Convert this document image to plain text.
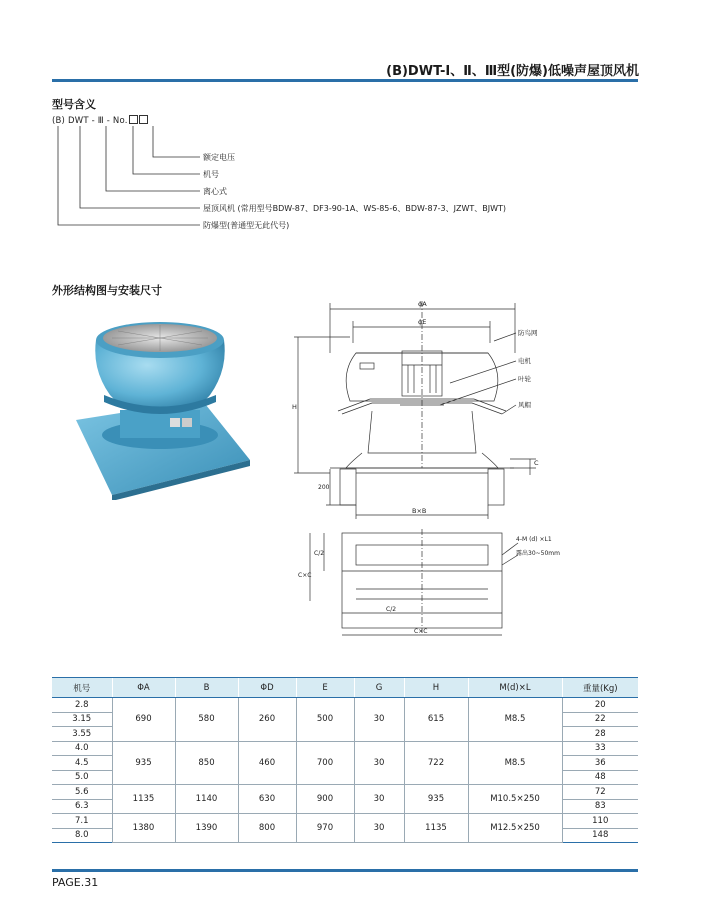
(B)DWT-Ⅰ、Ⅱ、Ⅲ型(防爆)低噪声屋顶风机
型号含义
(B) DWT - Ⅲ - No.
额定电压
机号
离心式
屋顶风机 (常用型号BDW-87、DF3-90-1A、WS-85-6、BDW-87-3、JZWT、BJWT)
防爆型(普通型无此代号)
外形结构图与安装尺寸
ϕA
ϕE
H
C
200
B×B
C/2
C×C
C/2
C×C
防鸟网
电机
叶轮
风帽
4-M (d) ×L1
露出30~50mm
机号	ΦA	B	ΦD	E	G	H	M(d)×L	重量(Kg)
2.8	690	580	260	500	30	615	M8.5	20
3.15								22
3.55								28
4.0	935	850	460	700	30	722	M8.5	33
4.5								36
5.0								48
5.6	1135	1140	630	900	30	935	M10.5×250	72
6.3								83
7.1	1380	1390	800	970	30	1135	M12.5×250	110
8.0								148
PAGE.31
